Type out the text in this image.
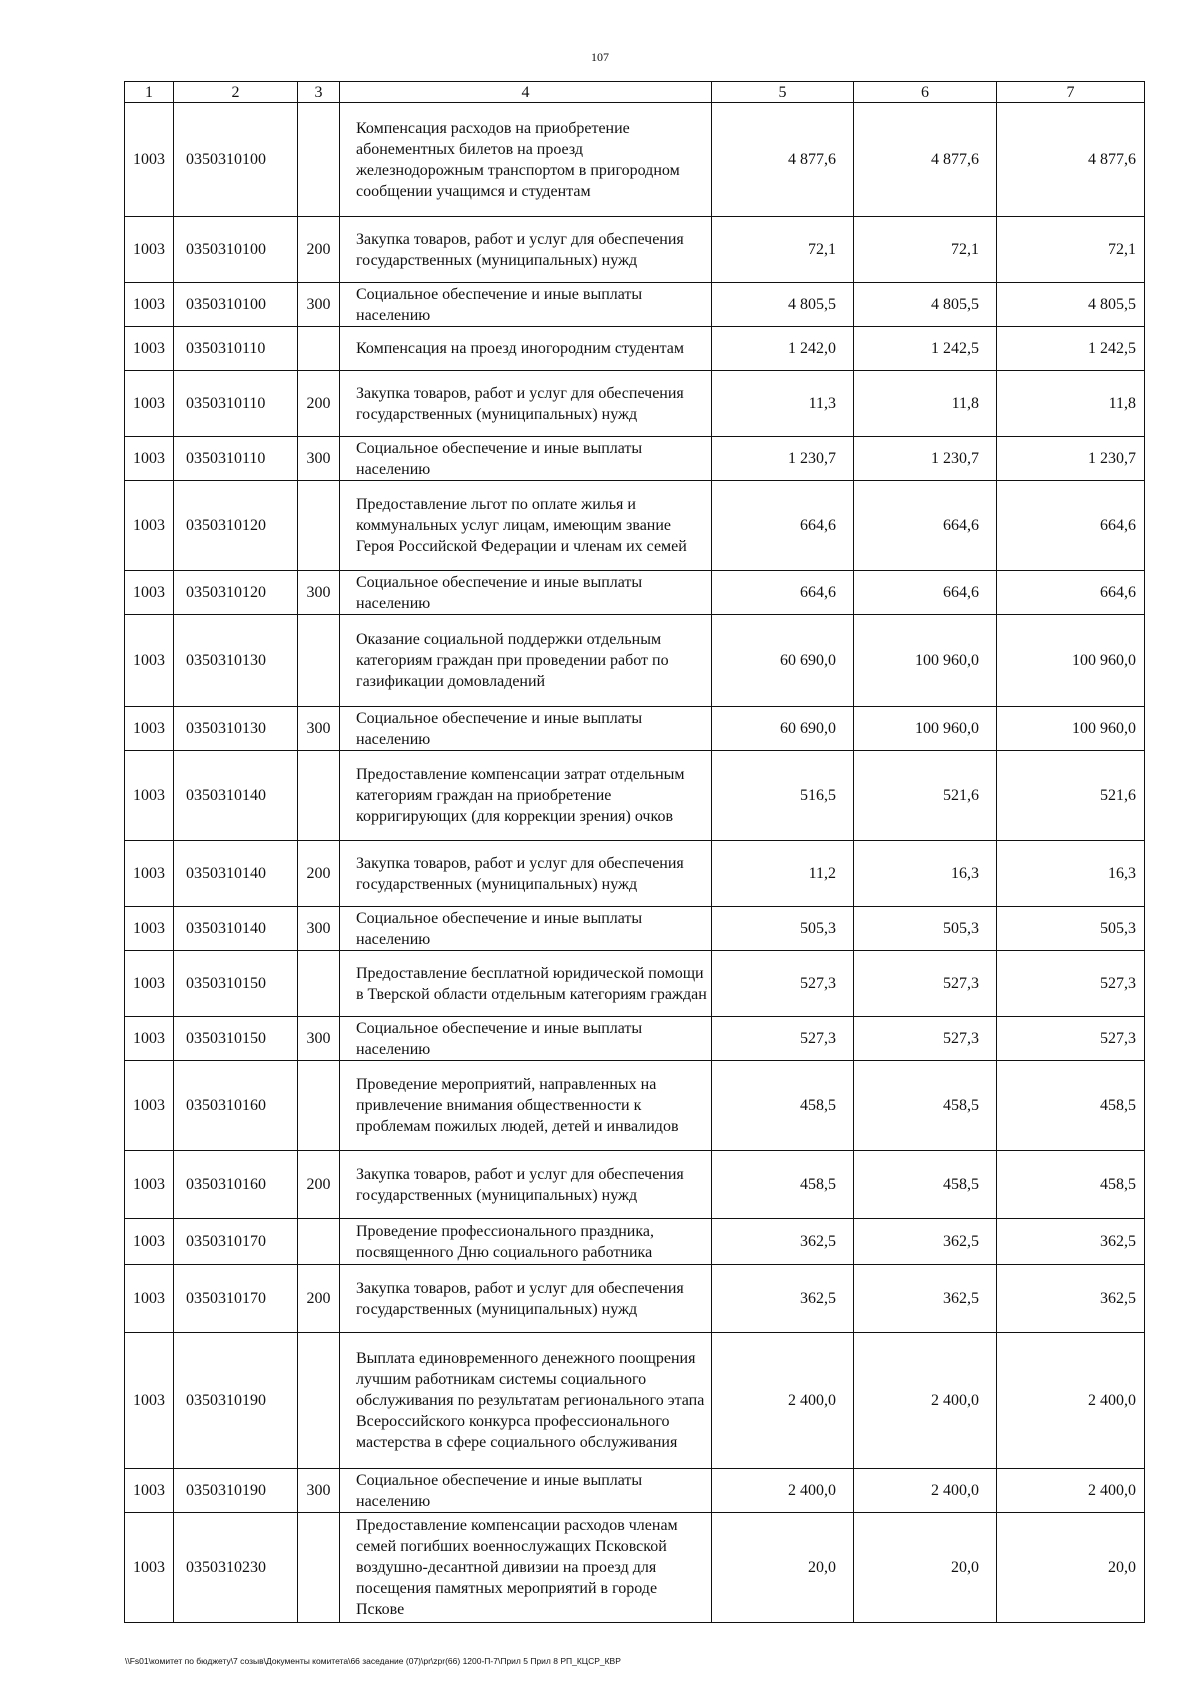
107
1	2	3	4	5	6	7
1003	0350310100		Компенсация расходов на приобретение абонементных билетов на проезд железнодорожным транспортом в пригородном сообщении учащимся и студентам	4 877,6	4 877,6	4 877,6
1003	0350310100	200	Закупка товаров, работ и услуг для обеспечения государственных (муниципальных) нужд	72,1	72,1	72,1
1003	0350310100	300	Социальное обеспечение и иные выплаты населению	4 805,5	4 805,5	4 805,5
1003	0350310110		Компенсация на проезд иногородним студентам	1 242,0	1 242,5	1 242,5
1003	0350310110	200	Закупка товаров, работ и услуг для обеспечения государственных (муниципальных) нужд	11,3	11,8	11,8
1003	0350310110	300	Социальное обеспечение и иные выплаты населению	1 230,7	1 230,7	1 230,7
1003	0350310120		Предоставление льгот по оплате жилья и коммунальных услуг лицам, имеющим звание Героя Российской Федерации и членам их семей	664,6	664,6	664,6
1003	0350310120	300	Социальное обеспечение и иные выплаты населению	664,6	664,6	664,6
1003	0350310130		Оказание социальной поддержки отдельным категориям граждан при проведении работ по газификации домовладений	60 690,0	100 960,0	100 960,0
1003	0350310130	300	Социальное обеспечение и иные выплаты населению	60 690,0	100 960,0	100 960,0
1003	0350310140		Предоставление компенсации затрат отдельным категориям граждан на приобретение корригирующих (для коррекции зрения) очков	516,5	521,6	521,6
1003	0350310140	200	Закупка товаров, работ и услуг для обеспечения государственных (муниципальных) нужд	11,2	16,3	16,3
1003	0350310140	300	Социальное обеспечение и иные выплаты населению	505,3	505,3	505,3
1003	0350310150		Предоставление бесплатной юридической помощи в Тверской области отдельным категориям граждан	527,3	527,3	527,3
1003	0350310150	300	Социальное обеспечение и иные выплаты населению	527,3	527,3	527,3
1003	0350310160		Проведение мероприятий, направленных на привлечение внимания общественности к проблемам пожилых людей, детей и инвалидов	458,5	458,5	458,5
1003	0350310160	200	Закупка товаров, работ и услуг для обеспечения государственных (муниципальных) нужд	458,5	458,5	458,5
1003	0350310170		Проведение профессионального праздника, посвященного Дню социального работника	362,5	362,5	362,5
1003	0350310170	200	Закупка товаров, работ и услуг для обеспечения государственных (муниципальных) нужд	362,5	362,5	362,5
1003	0350310190		Выплата единовременного денежного поощрения лучшим работникам системы социального обслуживания по результатам регионального этапа Всероссийского конкурса профессионального мастерства в сфере социального обслуживания	2 400,0	2 400,0	2 400,0
1003	0350310190	300	Социальное обеспечение и иные выплаты населению	2 400,0	2 400,0	2 400,0
1003	0350310230		Предоставление компенсации расходов членам семей погибших военнослужащих Псковской воздушно-десантной дивизии на проезд для посещения памятных мероприятий в городе Пскове	20,0	20,0	20,0
\\Fs01\комитет по бюджету\7 созыв\Документы комитета\66 заседание (07)\pr\zpr(66) 1200-П-7\Прил 5 Прил 8 РП_КЦСР_КВР
